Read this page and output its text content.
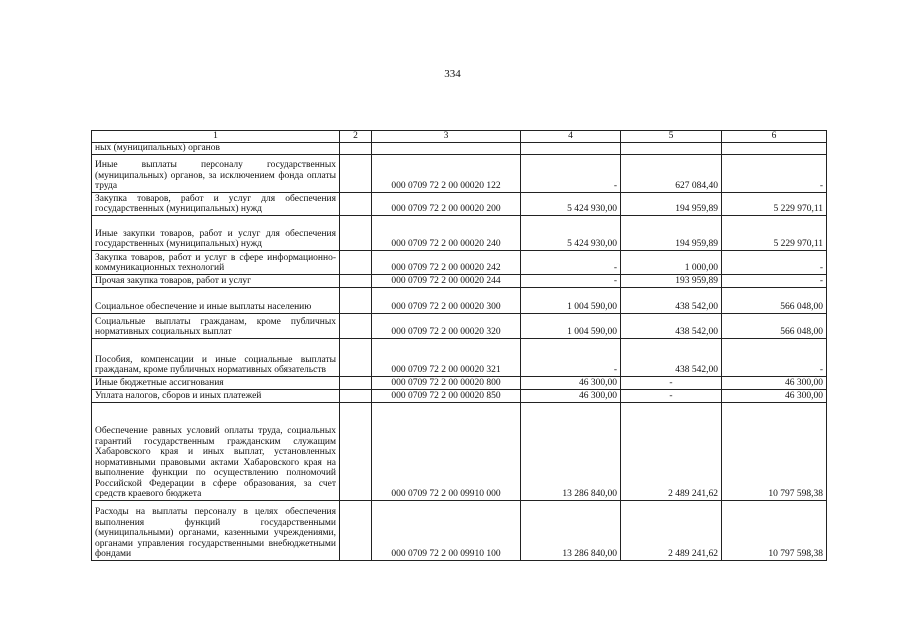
334
1	2	3	4	5	6
ных (муниципальных) органов					
Иные выплаты персоналу государственных (муниципальных) органов, за исключением фонда оплаты труда		000 0709 72 2 00 00020 122	-	627 084,40	-
Закупка товаров, работ и услуг для обеспечения государственных (муниципальных) нужд		000 0709 72 2 00 00020 200	5 424 930,00	194 959,89	5 229 970,11
Иные закупки товаров, работ и услуг для обеспечения государственных (муниципальных) нужд		000 0709 72 2 00 00020 240	5 424 930,00	194 959,89	5 229 970,11
Закупка товаров, работ и услуг в сфере информационно-коммуникационных технологий		000 0709 72 2 00 00020 242	-	1 000,00	-
Прочая закупка товаров, работ и услуг		000 0709 72 2 00 00020 244	-	193 959,89	-
Социальное обеспечение и иные выплаты населению		000 0709 72 2 00 00020 300	1 004 590,00	438 542,00	566 048,00
Социальные выплаты гражданам, кроме публичных нормативных социальных выплат		000 0709 72 2 00 00020 320	1 004 590,00	438 542,00	566 048,00
Пособия, компенсации и иные социальные выплаты гражданам, кроме публичных нормативных обязательств		000 0709 72 2 00 00020 321	-	438 542,00	-
Иные бюджетные ассигнования		000 0709 72 2 00 00020 800	46 300,00	-	46 300,00
Уплата налогов, сборов и иных платежей		000 0709 72 2 00 00020 850	46 300,00	-	46 300,00
Обеспечение равных условий оплаты труда, социальных гарантий государственным гражданским служащим Хабаровского края и иных выплат, установленных нормативными правовыми актами Хабаровского края на выполнение функции по осуществлению полномочий Российской Федерации в сфере образования, за счет средств краевого бюджета		000 0709 72 2 00 09910 000	13 286 840,00	2 489 241,62	10 797 598,38
Расходы на выплаты персоналу в целях обеспечения выполнения функций государственными (муниципальными) органами, казенными учреждениями, органами управления государственными внебюджетными фондами		000 0709 72 2 00 09910 100	13 286 840,00	2 489 241,62	10 797 598,38
